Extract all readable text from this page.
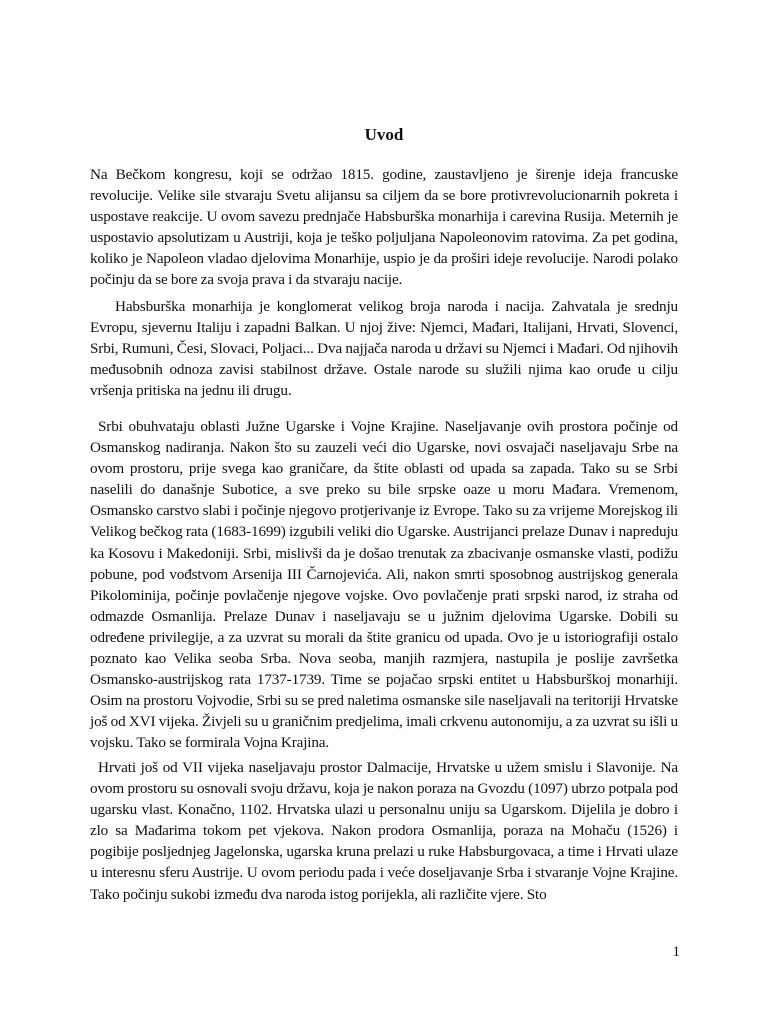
Uvod

Na Bečkom kongresu, koji se održao 1815. godine, zaustavljeno je širenje ideja francuske revolucije. Velike sile stvaraju Svetu alijansu sa ciljem da se bore protivrevolucionarnih pokreta i uspostave reakcije. U ovom savezu prednjače Habsburška monarhija i carevina Rusija. Meternih je uspostavio apsolutizam u Austriji, koja je teško poljuljana Napoleonovim ratovima. Za pet godina, koliko je Napoleon vladao djelovima Monarhije, uspio je da proširi ideje revolucije. Narodi polako počinju da se bore za svoja prava i da stvaraju nacije.

Habsburška monarhija je konglomerat velikog broja naroda i nacija. Zahvatala je srednju Evropu, sjevernu Italiju i zapadni Balkan. U njoj žive: Njemci, Mađari, Italijani, Hrvati, Slovenci, Srbi, Rumuni, Česi, Slovaci, Poljaci... Dva najjača naroda u državi su Njemci i Mađari. Od njihovih međusobnih odnoza zavisi stabilnost države. Ostale narode su služili njima kao oruđe u cilju vršenja pritiska na jednu ili drugu.

Srbi obuhvataju oblasti Južne Ugarske i Vojne Krajine. Naseljavanje ovih prostora počinje od Osmanskog nadiranja. Nakon što su zauzeli veći dio Ugarske, novi osvajači naseljavaju Srbe na ovom prostoru, prije svega kao graničare, da štite oblasti od upada sa zapada. Tako su se Srbi naselili do današnje Subotice, a sve preko su bile srpske oaze u moru Mađara. Vremenom, Osmansko carstvo slabi i počinje njegovo protjerivanje iz Evrope. Tako su za vrijeme Morejskog ili Velikog bečkog rata (1683-1699) izgubili veliki dio Ugarske. Austrijanci prelaze Dunav i napreduju ka Kosovu i Makedoniji. Srbi, mislivši da je došao trenutak za zbacivanje osmanske vlasti, podižu pobune, pod vođstvom Arsenija III Čarnojevića. Ali, nakon smrti sposobnog austrijskog generala Pikolominija, počinje povlačenje njegove vojske. Ovo povlačenje prati srpski narod, iz straha od odmazde Osmanlija. Prelaze Dunav i naseljavaju se u južnim djelovima Ugarske. Dobili su određene privilegije, a za uzvrat su morali da štite granicu od upada. Ovo je u istoriografiji ostalo poznato kao Velika seoba Srba. Nova seoba, manjih razmjera, nastupila je poslije završetka Osmansko-austrijskog rata 1737-1739. Time se pojačao srpski entitet u Habsburškoj monarhiji. Osim na prostoru Vojvodie, Srbi su se pred naletima osmanske sile naseljavali na teritoriji Hrvatske još od XVI vijeka. Živjeli su u graničnim predjelima, imali crkvenu autonomiju, a za uzvrat su išli u vojsku. Tako se formirala Vojna Krajina.

Hrvati još od VII vijeka naseljavaju prostor Dalmacije, Hrvatske u užem smislu i Slavonije. Na ovom prostoru su osnovali svoju državu, koja je nakon poraza na Gvozdu (1097) ubrzo potpala pod ugarsku vlast. Konačno, 1102. Hrvatska ulazi u personalnu uniju sa Ugarskom. Dijelila je dobro i zlo sa Mađarima tokom pet vjekova. Nakon prodora Osmanlija, poraza na Mohaču (1526) i pogibije posljednjeg Jagelonska, ugarska kruna prelazi u ruke Habsburgovaca, a time i Hrvati ulaze u interesnu sferu Austrije. U ovom periodu pada i veće doseljavanje Srba i stvaranje Vojne Krajine. Tako počinju sukobi između dva naroda istog porijekla, ali različite vjere. Sto

1
